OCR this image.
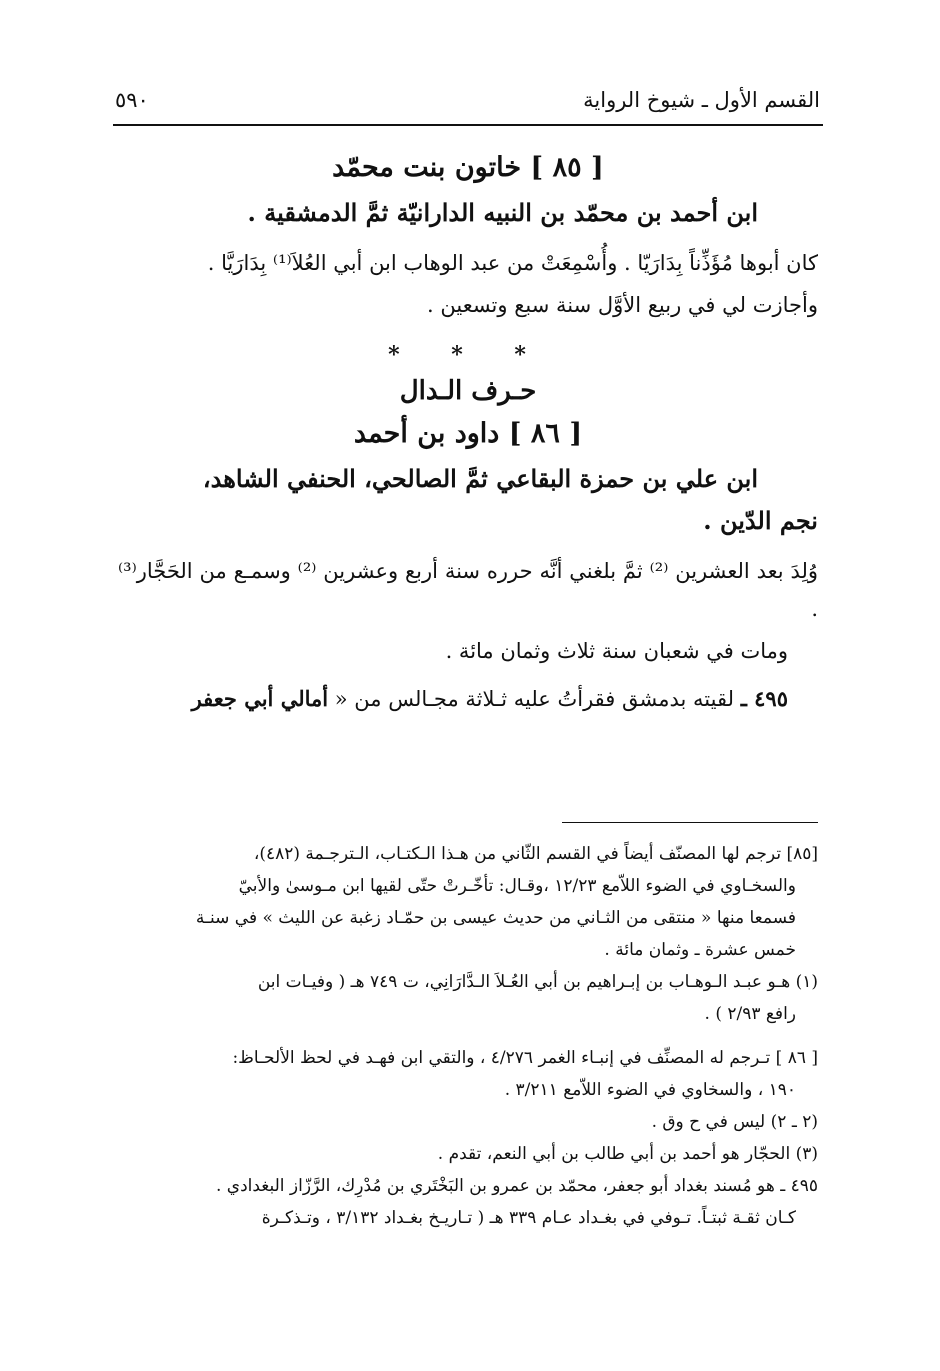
القسم الأول ـ شيوخ الرواية
٥٩٠
[ ٨٥ ] خاتون بنت محمّد
ابن أحمد بن محمّد بن النبيه الدارانيّة ثمَّ الدمشقية .
كان أبوها مُؤَذِّناً بِدَارَيّا . وأُسْمِعَتْ من عبد الوهاب ابن أبي العُلاَ⁽¹⁾ بِدَارَيَّا .
وأجازت لي في ربيع الأوَّل سنة سبع وتسعين .
* * *
حـرف الـدال
[ ٨٦ ] داود بن أحمد
ابن علي بن حمزة البقاعي ثمَّ الصالحي، الحنفي الشاهد،
نجم الدّين .
وُلِدَ بعد العشرين ⁽²⁾ ثمَّ بلغني أنَّه حرره سنة أربع وعشرين ⁽²⁾ وسمـع من الحَجَّار⁽³⁾ .
ومات في شعبان سنة ثلاث وثمان مائة .
٤٩٥ ـ لقيته بدمشق فقرأتُ عليه ثـلاثة مجـالس من « أمالي أبي جعفر

[٨٥] ترجم لها المصنّف أيضاً في القسم الثّاني من هـذا الـكتـاب، الـترجـمة (٤٨٢)،

والسخـاوي في الضوء اللاّمع ١٢/٢٣ ،وقـال: تأخّـرتْ حتّى لقيها ابن مـوسىٰ والأبيّ

فسمعا منها « منتقى من الثـاني من حديث عيسى بن حمّـاد زغبة عن الليث » في سنـة

خمس عشرة ـ وثمان مائة .

(١) هـو عبـد الـوهـاب بن إبـراهيم بن أبي العُـلاَ الـدَّارَانِي، ت ٧٤٩ هـ ( وفيـات ابن

رافع ٢/٩٣ ) .

[ ٨٦ ] تـرجم له المصنِّف في إنبـاء الغمر ٤/٢٧٦ ، والتقي ابن فهـد في لحظ الألحـاظ:

١٩٠ ، والسخاوي في الضوء اللاّمع ٣/٢١١ .

(٢ ـ ٢) ليس في ح وق .

(٣) الحجّار هو أحمد بن أبي طالب بن أبي النعم، تقدم .

٤٩٥ ـ هو مُسند بغداد أبو جعفر، محمّد بن عمرو بن البَخْتَري بن مُدْرِك، الرَّزّاز البغدادي .

كـان ثقـة ثبتـاً. تـوفي في بغـداد عـام ٣٣٩ هـ ( تـاريـخ بغـداد ٣/١٣٢ ، وتـذكـرة
